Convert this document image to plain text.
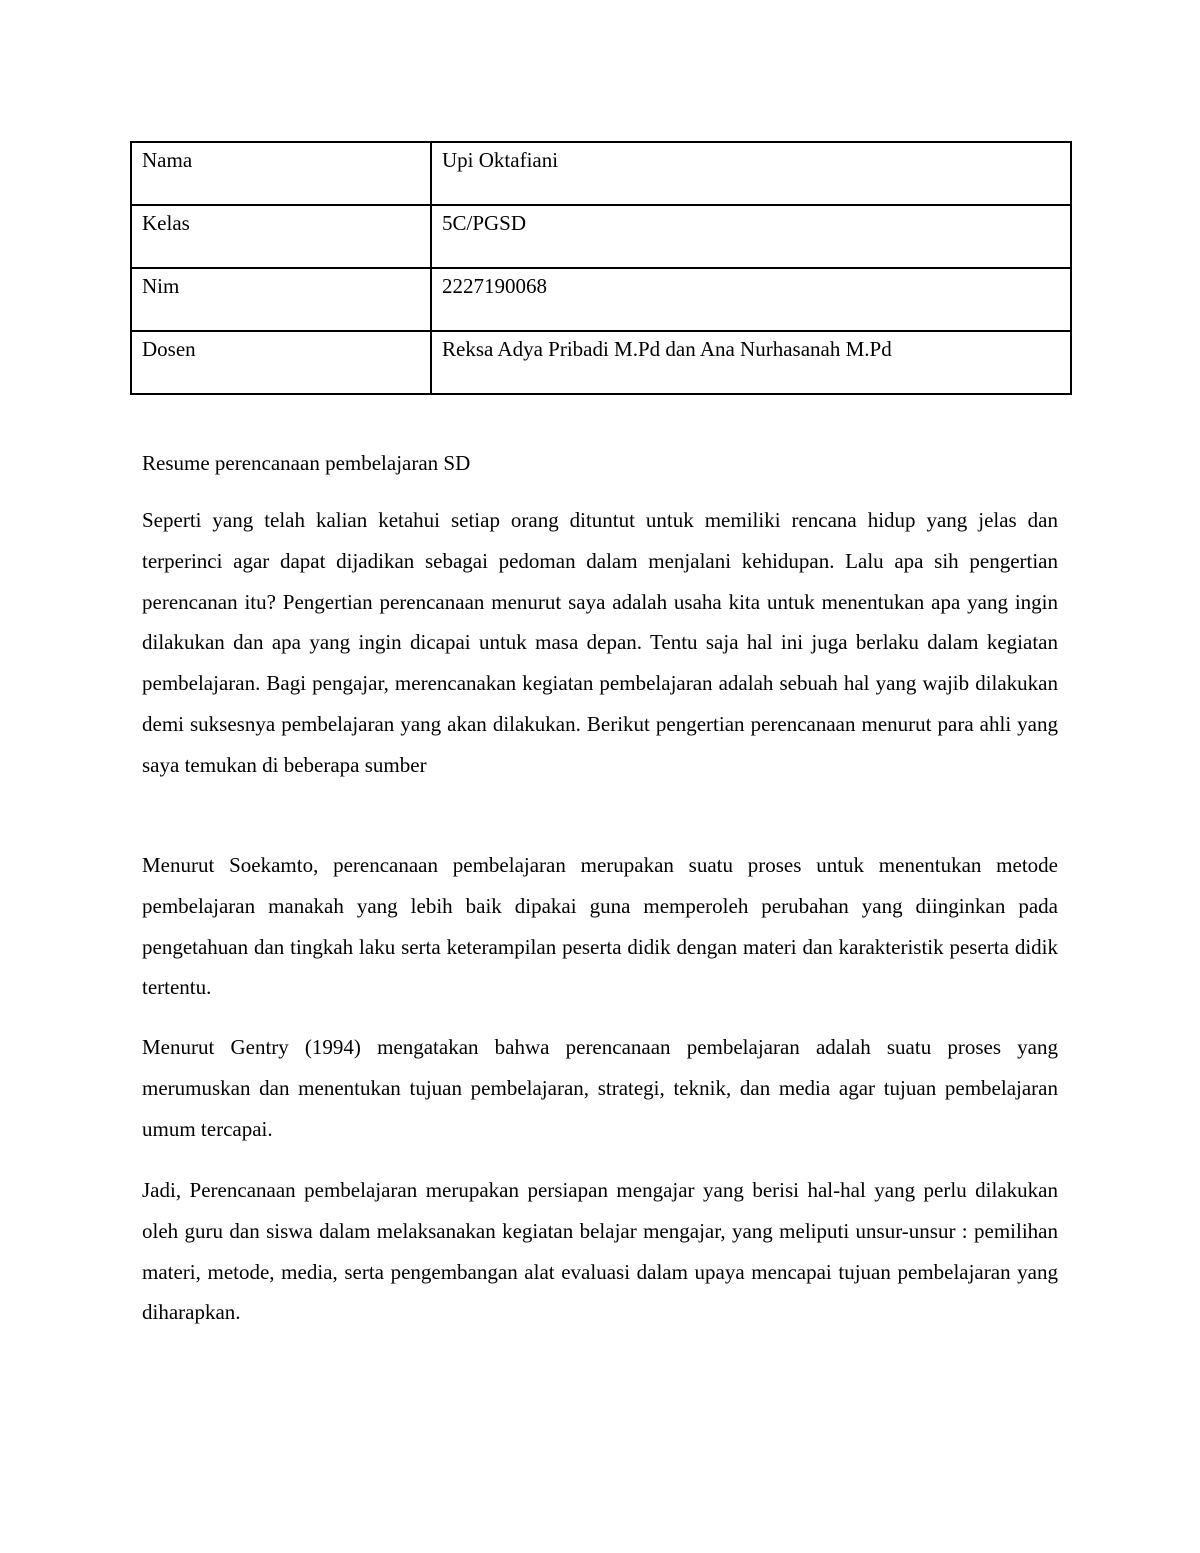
Nama	Upi Oktafiani
Kelas	5C/PGSD
Nim	2227190068
Dosen	Reksa Adya Pribadi M.Pd dan Ana Nurhasanah M.Pd
Resume perencanaan pembelajaran SD

Seperti yang telah kalian ketahui setiap orang dituntut untuk memiliki rencana hidup yang jelas dan terperinci agar dapat dijadikan sebagai pedoman dalam menjalani kehidupan. Lalu apa sih pengertian perencanan itu? Pengertian perencanaan menurut saya adalah usaha kita untuk menentukan apa yang ingin dilakukan dan apa yang ingin dicapai untuk masa depan. Tentu saja hal ini juga berlaku dalam kegiatan pembelajaran. Bagi pengajar, merencanakan kegiatan pembelajaran adalah sebuah hal yang wajib dilakukan demi suksesnya pembelajaran yang akan dilakukan. Berikut pengertian perencanaan menurut para ahli yang saya temukan di beberapa sumber

Menurut Soekamto, perencanaan pembelajaran merupakan suatu proses untuk menentukan metode pembelajaran manakah yang lebih baik dipakai guna memperoleh perubahan yang diinginkan pada pengetahuan dan tingkah laku serta keterampilan peserta didik dengan materi dan karakteristik peserta didik tertentu.

Menurut Gentry (1994) mengatakan bahwa perencanaan pembelajaran adalah suatu proses yang merumuskan dan menentukan tujuan pembelajaran, strategi, teknik, dan media agar tujuan pembelajaran umum tercapai.

Jadi, Perencanaan pembelajaran merupakan persiapan mengajar yang berisi hal-hal yang perlu dilakukan oleh guru dan siswa dalam melaksanakan kegiatan belajar mengajar, yang meliputi unsur-unsur : pemilihan materi, metode, media, serta pengembangan alat evaluasi dalam upaya mencapai tujuan pembelajaran yang diharapkan.
